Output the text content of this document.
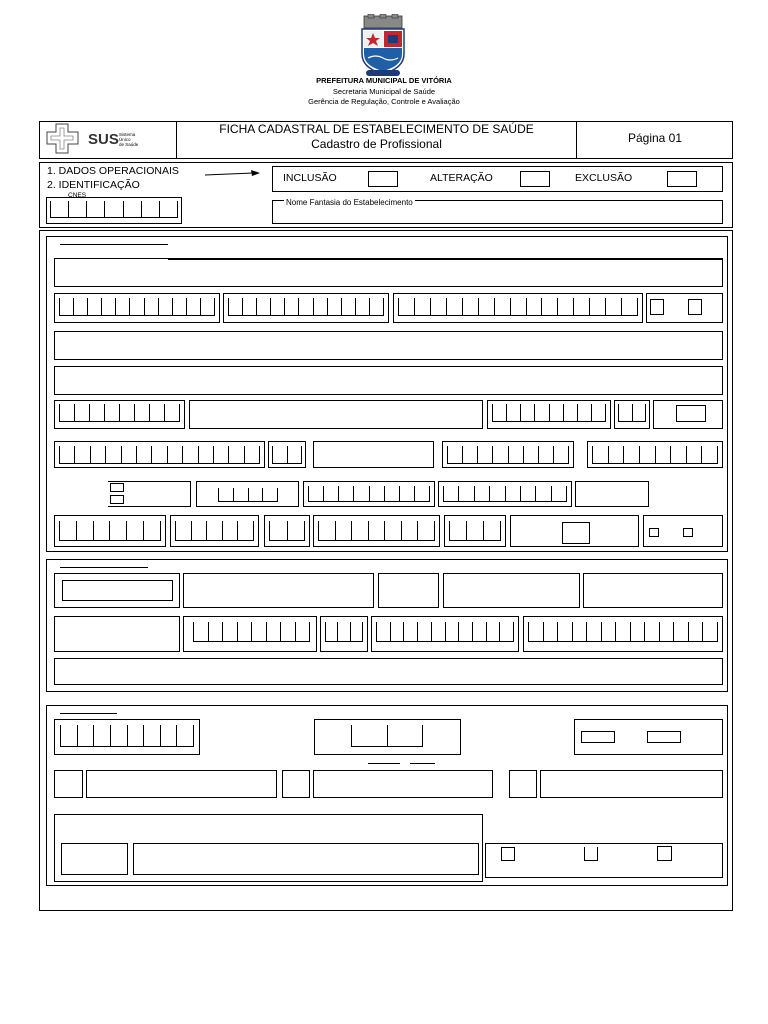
PREFEITURA MUNICIPAL DE VITÓRIA
Secretaria Municipal de Saúde
Gerência de Regulação, Controle e Avaliação
SUS Sistema
Único
de Saúde
FICHA CADASTRAL DE ESTABELECIMENTO DE SAÚDE
Cadastro de Profissional	Página 01
1. DADOS OPERACIONAIS
2. IDENTIFICAÇÃO
CNES
INCLUSÃO	ALTERAÇÃO	EXCLUSÃO
Nome Fantasia do Estabelecimento
